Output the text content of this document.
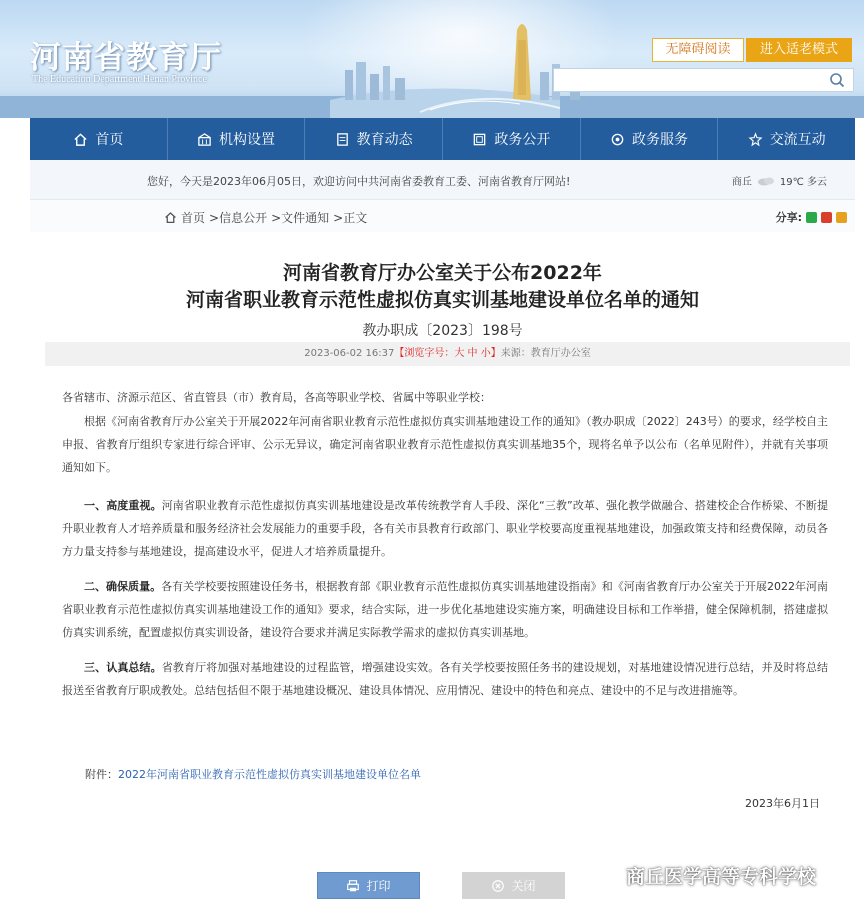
河南省教育厅
The Education Department Henan Province
无障碍阅读	进入适老模式
首页	机构设置	教育动态	政务公开	政务服务	交流互动
您好，今天是2023年06月05日，欢迎访问中共河南省委教育工委、河南省教育厅网站!	商丘	19℃ 多云
首页 >信息公开 >文件通知 >正文	分享:
河南省教育厅办公室关于公布2022年
河南省职业教育示范性虚拟仿真实训基地建设单位名单的通知
教办职成〔2023〕198号
2023-06-02 16:37【浏览字号：大 中 小】来源：教育厅办公室
各省辖市、济源示范区、省直管县（市）教育局，各高等职业学校、省属中等职业学校：
根据《河南省教育厅办公室关于开展2022年河南省职业教育示范性虚拟仿真实训基地建设工作的通知》（教办职成〔2022〕243号）的要求，经学校自主申报、省教育厅组织专家进行综合评审、公示无异议，确定河南省职业教育示范性虚拟仿真实训基地35个，现将名单予以公布（名单见附件），并就有关事项通知如下。
一、高度重视。河南省职业教育示范性虚拟仿真实训基地建设是改革传统教学育人手段、深化“三教”改革、强化教学做融合、搭建校企合作桥梁、不断提升职业教育人才培养质量和服务经济社会发展能力的重要手段，各有关市县教育行政部门、职业学校要高度重视基地建设，加强政策支持和经费保障，动员各方力量支持参与基地建设，提高建设水平，促进人才培养质量提升。
二、确保质量。各有关学校要按照建设任务书，根据教育部《职业教育示范性虚拟仿真实训基地建设指南》和《河南省教育厅办公室关于开展2022年河南省职业教育示范性虚拟仿真实训基地建设工作的通知》要求，结合实际，进一步优化基地建设实施方案，明确建设目标和工作举措，健全保障机制，搭建虚拟仿真实训系统，配置虚拟仿真实训设备，建设符合要求并满足实际教学需求的虚拟仿真实训基地。
三、认真总结。省教育厅将加强对基地建设的过程监管，增强建设实效。各有关学校要按照任务书的建设规划，对基地建设情况进行总结，并及时将总结报送至省教育厅职成教处。总结包括但不限于基地建设概况、建设具体情况、应用情况、建设中的特色和亮点、建设中的不足与改进措施等。
附件：2022年河南省职业教育示范性虚拟仿真实训基地建设单位名单
2023年6月1日
打印	关闭	商丘医学高等专科学校
